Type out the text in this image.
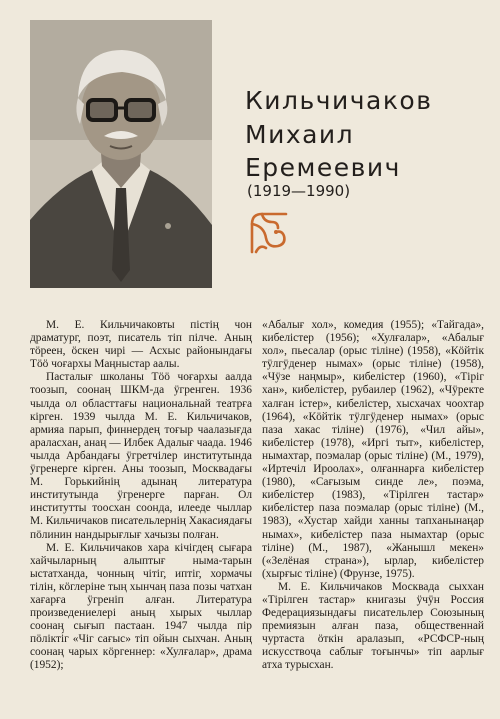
Кильчичаков
Михаил
Еремеевич
(1919—1990)

М. Е. Кильчичаковты пістің чон драматург, поэт, писатель тіп пілче. Аның тӧреен, ӧскен чирі — Асхыс районындағы Тӧӧ чоғархы Мaңныстар аалы.

Пасталығ школаны Тӧӧ чоғархы аалда тоозып, соонаң ШКМ-да ӱгренген. 1936 чылда ол областтағы национальнай театрға кірген. 1939 чылда М. Е. Кильчичаков, армияа парып, финнердең тоғыр чаалазығда араласхан, анаң — Илбек Адалығ чаада. 1946 чылда Арбандағы ӱгретчілер институтында ӱгренерге кірген. Аны тоозып, Москвадағы М. Горькийнің адынаң литература институтында ӱгренерге парған. Ол институтты тоосхан соонда, илееде чыллар М. Кильчичаков писательлернің Хакасиядағы пӧлинин нандырығлығ хачызы полған.

М. Е. Кильчичаков хара кічігдең сығара хайчыларның алыптығ ныма-тарын ыстатханда, чонның чітіг, иптіг, хормачы тілін, кӧглеріне тың хынчаң паза позы чатхан хағарға ӱгреніп алған. Литература произведениелері аның хырых чыллар соонаң сығып пастаан. 1947 чылда пір пӧлікті́г «Чіг сағыс» тіп ойын сыхчан. Аның соонаң чарых кӧргеннер: «Хулғалар», драма (1952);

«Абалығ хол», комедия (1955); «Тайгада», кибелістер (1956); «Хулғалар», «Абалығ хол», пьесалар (орыс тіліне) (1958), «Кӧйтік тӱлгӱденер нымах» (орыс тіліне) (1958), «Чӱзе наңмыр», кибелістер (1960), «Тіріг хан», кибелістер, рубаилер (1962), «Чӱректе халған істер», кибелістер, хысхачах чоохтар (1964), «Кӧйтік тӱлгӱденер нымах» (орыс паза хакас тіліне) (1976), «Чил айы», кибелістер (1978), «Иргі тыт», кибелістер, нымахтар, поэмалар (орыс тіліне) (М., 1979), «Иртечіл Ироолах», олғаннарға кибелістер (1980), «Сағызым синде ле», поэма, кибелістер (1983), «Тірілген тастар» кибелістер паза поэмалар (орыс тіліне) (М., 1983), «Хустар хайди ханны тапханынаңар нымах», кибелістер паза нымахтар (орыс тіліне) (М., 1987), «Жанышл мекен» («Зелёная страна»), ырлар, кибелістер (хырғыс тіліне) (Фрунзе, 1975).

М. Е. Кильчичаков Москвада сыххан «Тірілген тастар» книгазы ӱчӱн Россия Федерациязындағы писательлер Союзының премиязын алған паза, общественнай чуртаста ӧткін аралазып, «РСФСР-ның искусствоҷа саблығ тоғынчы» тіп аарлығ атха турысхан.
